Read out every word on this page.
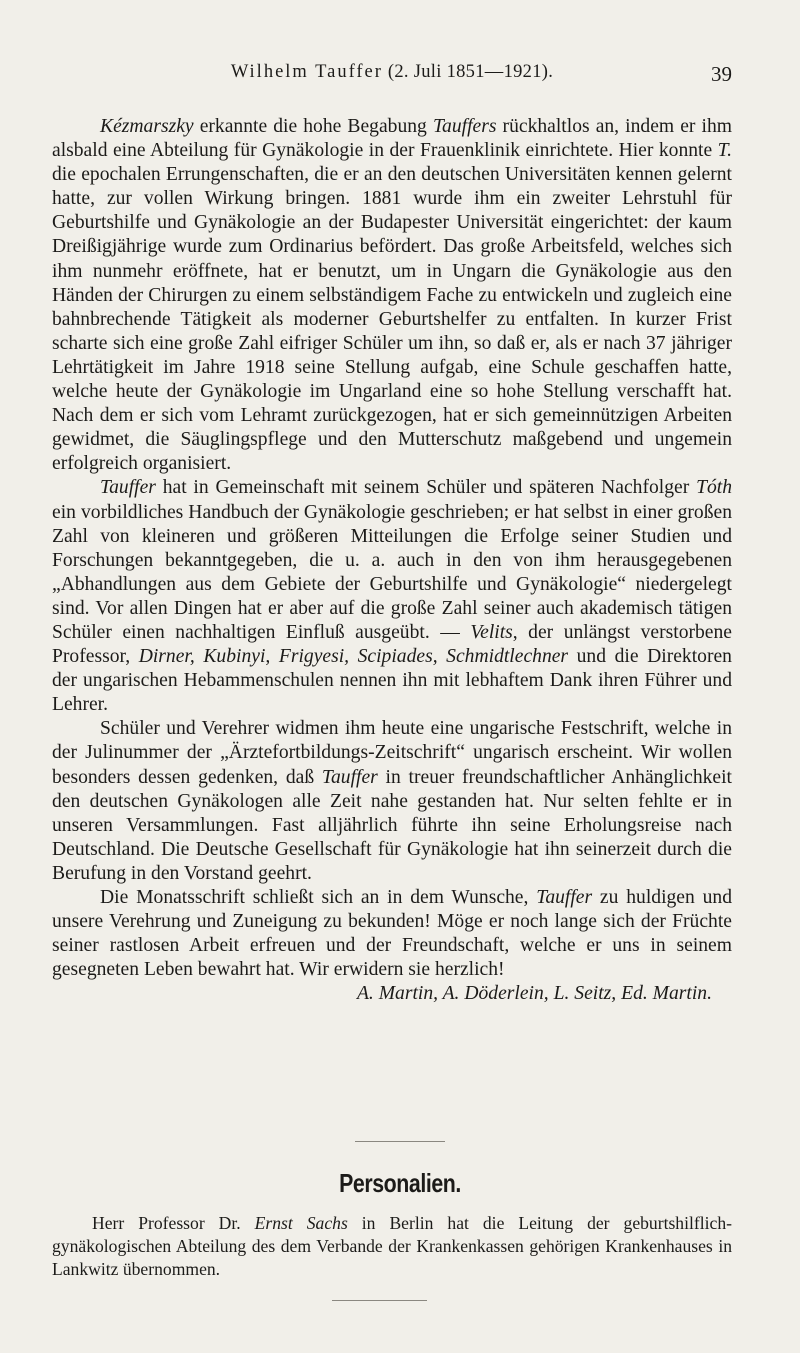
Wilhelm Tauffer (2. Juli 1851—1921).	39

Kézmarszky erkannte die hohe Begabung Tauffers rückhaltlos an, indem er ihm alsbald eine Abteilung für Gynäkologie in der Frauenklinik einrichtete. Hier konnte T. die epochalen Errungenschaften, die er an den deutschen Universitäten kennen gelernt hatte, zur vollen Wirkung bringen. 1881 wurde ihm ein zweiter Lehrstuhl für Geburtshilfe und Gynäkologie an der Budapester Universität eingerichtet: der kaum Dreißigjährige wurde zum Ordinarius befördert. Das große Arbeitsfeld, welches sich ihm nunmehr eröffnete, hat er benutzt, um in Ungarn die Gynäkologie aus den Händen der Chirurgen zu einem selbständigem Fache zu entwickeln und zugleich eine bahnbrechende Tätigkeit als moderner Geburtshelfer zu entfalten. In kurzer Frist scharte sich eine große Zahl eifriger Schüler um ihn, so daß er, als er nach 37 jähriger Lehrtätigkeit im Jahre 1918 seine Stellung aufgab, eine Schule geschaffen hatte, welche heute der Gynäkologie im Ungarland eine so hohe Stellung verschafft hat. Nach dem er sich vom Lehramt zurückgezogen, hat er sich gemeinnützigen Arbeiten gewidmet, die Säuglingspflege und den Mutterschutz maßgebend und ungemein erfolgreich organisiert.

Tauffer hat in Gemeinschaft mit seinem Schüler und späteren Nachfolger Tóth ein vorbildliches Handbuch der Gynäkologie geschrieben; er hat selbst in einer großen Zahl von kleineren und größeren Mitteilungen die Erfolge seiner Studien und Forschungen bekanntgegeben, die u. a. auch in den von ihm herausgegebenen „Abhandlungen aus dem Gebiete der Geburtshilfe und Gynäkologie“ niedergelegt sind. Vor allen Dingen hat er aber auf die große Zahl seiner auch akademisch tätigen Schüler einen nachhaltigen Einfluß ausgeübt. — Velits, der unlängst verstorbene Professor, Dirner, Kubinyi, Frigyesi, Scipiades, Schmidtlechner und die Direktoren der ungarischen Hebammenschulen nennen ihn mit lebhaftem Dank ihren Führer und Lehrer.

Schüler und Verehrer widmen ihm heute eine ungarische Festschrift, welche in der Julinummer der „Ärztefortbildungs-Zeitschrift“ ungarisch erscheint. Wir wollen besonders dessen gedenken, daß Tauffer in treuer freundschaftlicher Anhänglichkeit den deutschen Gynäkologen alle Zeit nahe gestanden hat. Nur selten fehlte er in unseren Versammlungen. Fast alljährlich führte ihn seine Erholungsreise nach Deutschland. Die Deutsche Gesellschaft für Gynäkologie hat ihn seinerzeit durch die Berufung in den Vorstand geehrt.

Die Monatsschrift schließt sich an in dem Wunsche, Tauffer zu huldigen und unsere Verehrung und Zuneigung zu bekunden! Möge er noch lange sich der Früchte seiner rastlosen Arbeit erfreuen und der Freundschaft, welche er uns in seinem gesegneten Leben bewahrt hat. Wir erwidern sie herzlich!

A. Martin, A. Döderlein, L. Seitz, Ed. Martin.

Personalien.

Herr Professor Dr. Ernst Sachs in Berlin hat die Leitung der geburtshilflich-gynäkologischen Abteilung des dem Verbande der Krankenkassen gehörigen Krankenhauses in Lankwitz übernommen.
